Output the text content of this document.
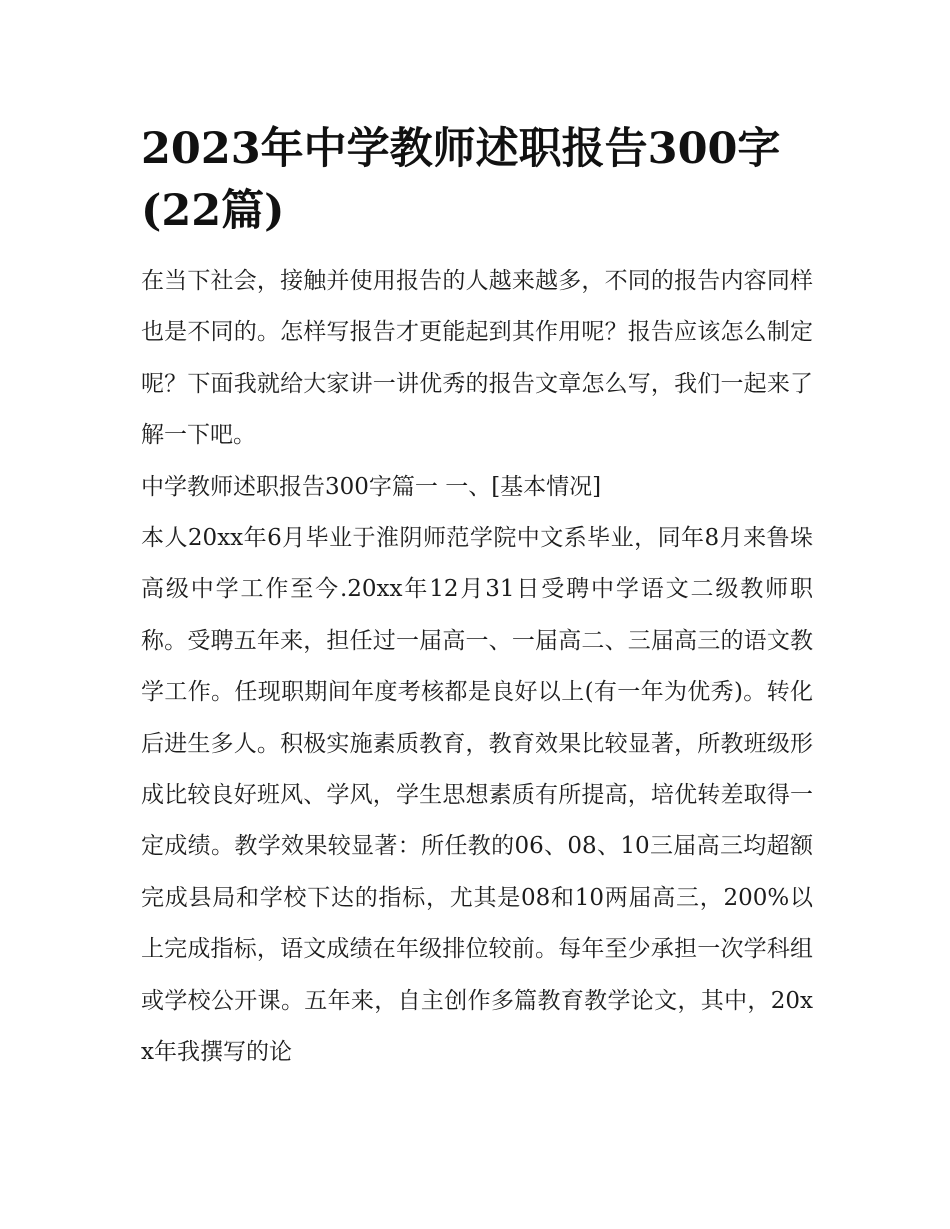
2023年中学教师述职报告300字(22篇)

在当下社会，接触并使用报告的人越来越多，不同的报告内容同样也是不同的。怎样写报告才更能起到其作用呢？报告应该怎么制定呢？下面我就给大家讲一讲优秀的报告文章怎么写，我们一起来了解一下吧。

中学教师述职报告300字篇一 一、[基本情况]

本人20xx年6月毕业于淮阴师范学院中文系毕业，同年8月来鲁垛高级中学工作至今.20xx年12月31日受聘中学语文二级教师职称。受聘五年来，担任过一届高一、一届高二、三届高三的语文教学工作。任现职期间年度考核都是良好以上(有一年为优秀)。转化后进生多人。积极实施素质教育，教育效果比较显著，所教班级形成比较良好班风、学风，学生思想素质有所提高，培优转差取得一定成绩。教学效果较显著：所任教的06、08、10三届高三均超额完成县局和学校下达的指标，尤其是08和10两届高三，200%以上完成指标，语文成绩在年级排位较前。每年至少承担一次学科组或学校公开课。五年来，自主创作多篇教育教学论文，其中，20xx年我撰写的论
